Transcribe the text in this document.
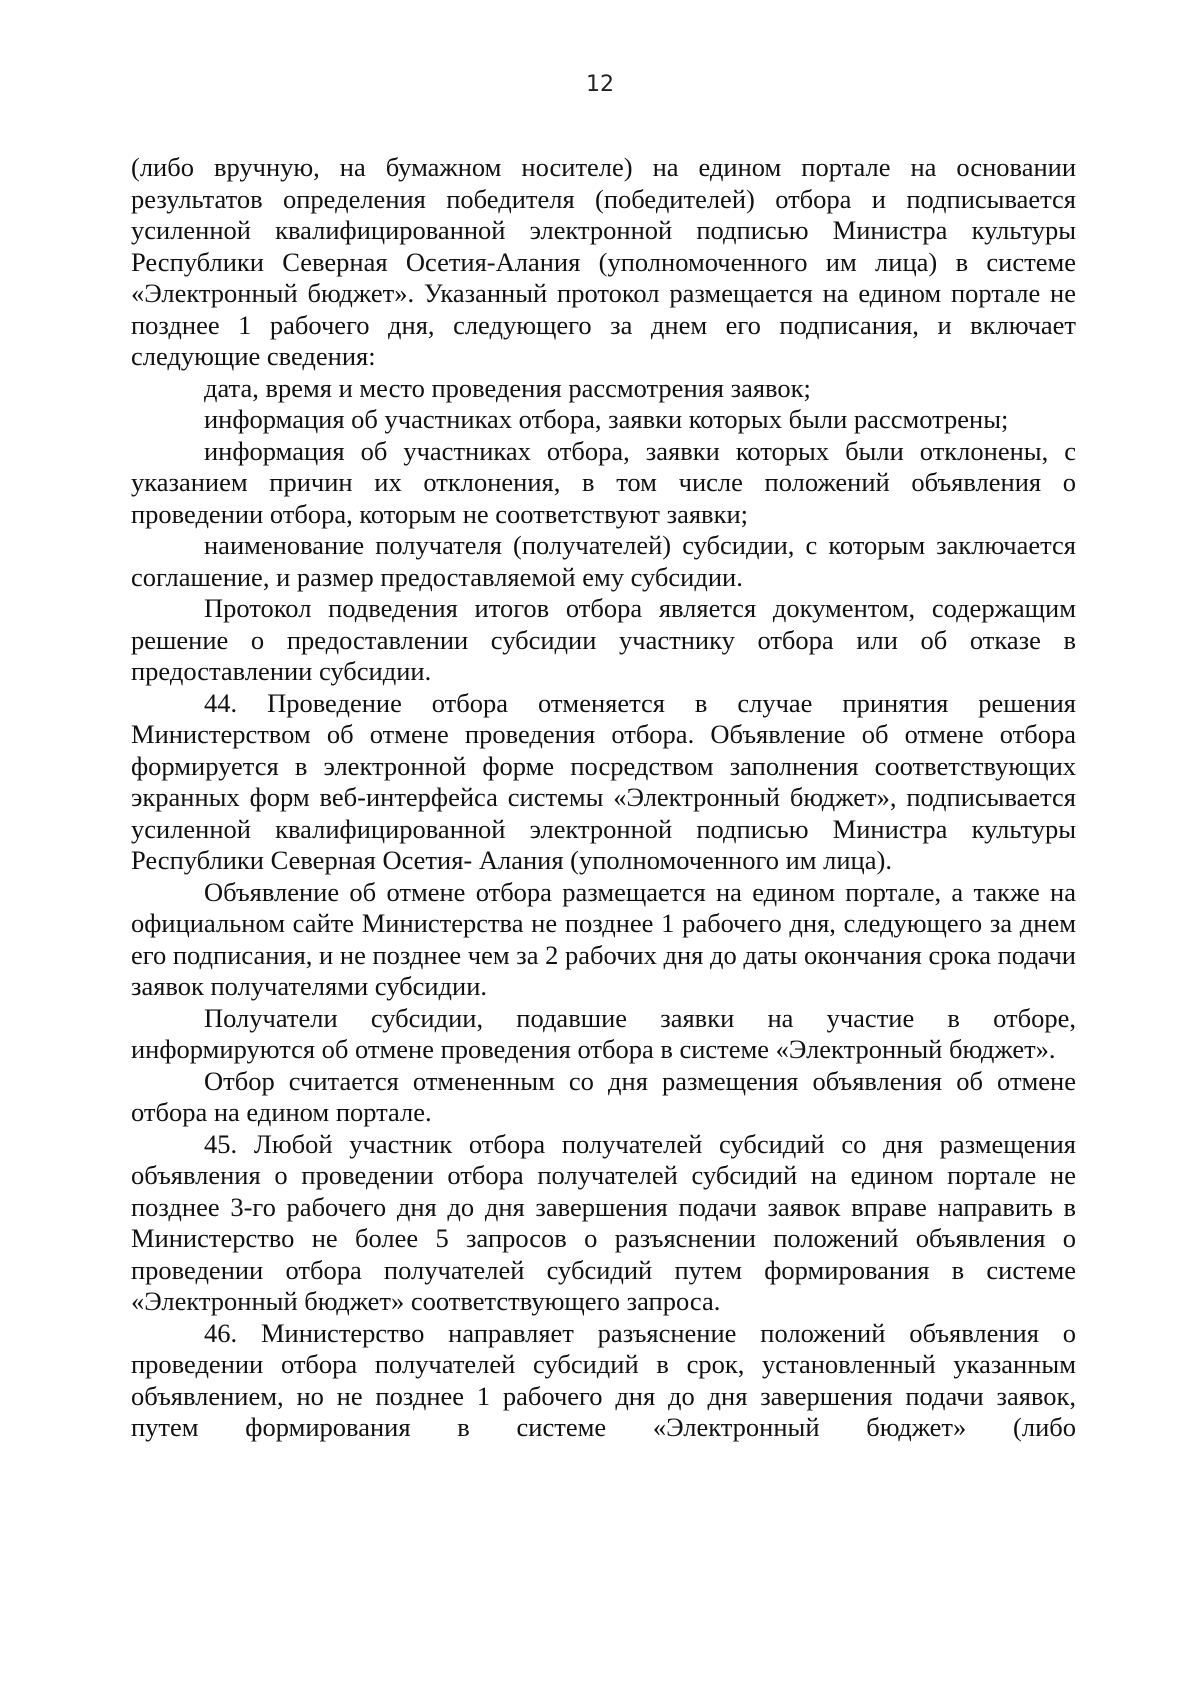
12

(либо вручную, на бумажном носителе) на едином портале на основании результатов определения победителя (победителей) отбора и подписывается усиленной квалифицированной электронной подписью Министра культуры Республики Северная Осетия-Алания (уполномоченного им лица) в системе «Электронный бюджет». Указанный протокол размещается на едином портале не позднее 1 рабочего дня, следующего за днем его подписания, и включает следующие сведения:

дата, время и место проведения рассмотрения заявок;

информация об участниках отбора, заявки которых были рассмотрены;

информация об участниках отбора, заявки которых были отклонены, с указанием причин их отклонения, в том числе положений объявления о проведении отбора, которым не соответствуют заявки;

наименование получателя (получателей) субсидии, с которым заключается соглашение, и размер предоставляемой ему субсидии.

Протокол подведения итогов отбора является документом, содержащим решение о предоставлении субсидии участнику отбора или об отказе в предоставлении субсидии.

44. Проведение отбора отменяется в случае принятия решения Министерством об отмене проведения отбора. Объявление об отмене отбора формируется в электронной форме посредством заполнения соответствующих экранных форм веб-интерфейса системы «Электронный бюджет», подписывается усиленной квалифицированной электронной подписью Министра культуры Республики Северная Осетия- Алания (уполномоченного им лица).

Объявление об отмене отбора размещается на едином портале, а также на официальном сайте Министерства не позднее 1 рабочего дня, следующего за днем его подписания, и не позднее чем за 2 рабочих дня до даты окончания срока подачи заявок получателями субсидии.

Получатели субсидии, подавшие заявки на участие в отборе, информируются об отмене проведения отбора в системе «Электронный бюджет».

Отбор считается отмененным со дня размещения объявления об отмене отбора на едином портале.

45. Любой участник отбора получателей субсидий со дня размещения объявления о проведении отбора получателей субсидий на едином портале не позднее 3-го рабочего дня до дня завершения подачи заявок вправе направить в Министерство не более 5 запросов о разъяснении положений объявления о проведении отбора получателей субсидий путем формирования в системе «Электронный бюджет» соответствующего запроса.

46. Министерство направляет разъяснение положений объявления о проведении отбора получателей субсидий в срок, установленный указанным объявлением, но не позднее 1 рабочего дня до дня завершения подачи заявок, путем формирования в системе «Электронный бюджет» (либо
